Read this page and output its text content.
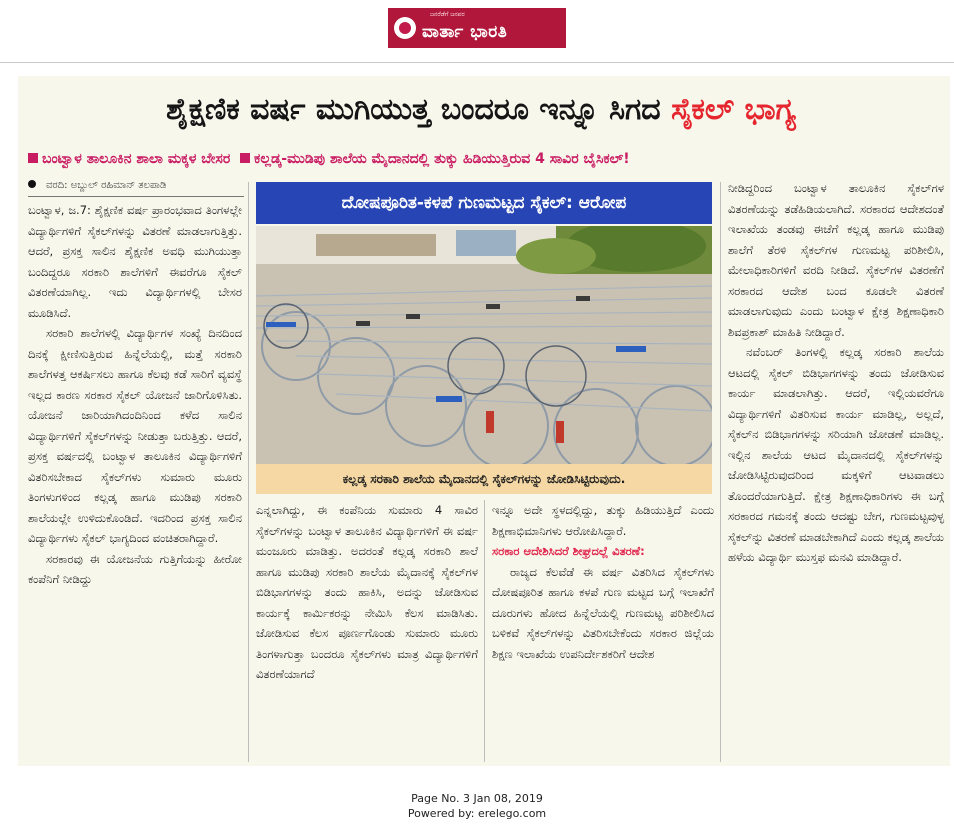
ಜನರೆಡೆಗೆ ಜನಪರ
ವಾರ್ತಾ ಭಾರತಿ
ಶೈಕ್ಷಣಿಕ ವರ್ಷ ಮುಗಿಯುತ್ತ ಬಂದರೂ ಇನ್ನೂ ಸಿಗದ ಸೈಕಲ್ ಭಾಗ್ಯ
ಬಂಟ್ವಾಳ ತಾಲೂಕಿನ ಶಾಲಾ ಮಕ್ಕಳ ಬೇಸರ ಕಲ್ಲಡ್ಕ-ಮುಡಿಪು ಶಾಲೆಯ ಮೈದಾನದಲ್ಲಿ ತುಕ್ಕು ಹಿಡಿಯುತ್ತಿರುವ 4 ಸಾವಿರ ಬೈಸಿಕಲ್!
ವರದಿ: ಅಬ್ದುಲ್ ರಹಿಮಾನ್ ತಲಪಾಡಿ

ಬಂಟ್ವಾಳ, ಜ.7: ಶೈಕ್ಷಣಿಕ ವರ್ಷ ಪ್ರಾರಂಭವಾದ ತಿಂಗಳಲ್ಲೇ ವಿದ್ಯಾರ್ಥಿಗಳಿಗೆ ಸೈಕಲ್‌ಗಳನ್ನು ವಿತರಣೆ ಮಾಡಲಾಗುತ್ತಿತ್ತು. ಆದರೆ, ಪ್ರಸಕ್ತ ಸಾಲಿನ ಶೈಕ್ಷಣಿಕ ಅವಧಿ ಮುಗಿಯುತ್ತಾ ಬಂದಿದ್ದರೂ ಸರಕಾರಿ ಶಾಲೆಗಳಿಗೆ ಈವರೆಗೂ ಸೈಕಲ್ ವಿತರಣೆಯಾಗಿಲ್ಲ. ಇದು ವಿದ್ಯಾರ್ಥಿಗಳಲ್ಲಿ ಬೇಸರ ಮೂಡಿಸಿದೆ.

ಸರಕಾರಿ ಶಾಲೆಗಳಲ್ಲಿ ವಿದ್ಯಾರ್ಥಿಗಳ ಸಂಖ್ಯೆ ದಿನದಿಂದ ದಿನಕ್ಕೆ ಕ್ಷೀಣಿಸುತ್ತಿರುವ ಹಿನ್ನೆಲೆಯಲ್ಲಿ, ಮತ್ತೆ ಸರಕಾರಿ ಶಾಲೆಗಳತ್ತ ಆಕರ್ಷಿಸಲು ಹಾಗೂ ಕೆಲವು ಕಡೆ ಸಾರಿಗೆ ವ್ಯವಸ್ಥೆ ಇಲ್ಲದ ಕಾರಣ ಸರಕಾರ ಸೈಕಲ್ ಯೋಜನೆ ಜಾರಿಗೊಳಿಸಿತು. ಯೋಜನೆ ಜಾರಿಯಾಗಿದಂದಿನಿಂದ ಕಳೆದ ಸಾಲಿನ ವಿದ್ಯಾರ್ಥಿಗಳಿಗೆ ಸೈಕಲ್‌ಗಳನ್ನು ನೀಡುತ್ತಾ ಬರುತ್ತಿತ್ತು. ಆದರೆ, ಪ್ರಸಕ್ತ ವರ್ಷದಲ್ಲಿ ಬಂಟ್ವಾಳ ತಾಲೂಕಿನ ವಿದ್ಯಾರ್ಥಿಗಳಿಗೆ ವಿತರಿಸಬೇಕಾದ ಸೈಕಲ್‌ಗಳು ಸುಮಾರು ಮೂರು ತಿಂಗಳುಗಳಿಂದ ಕಲ್ಲಡ್ಕ ಹಾಗೂ ಮುಡಿಪು ಸರಕಾರಿ ಶಾಲೆಯಲ್ಲೇ ಉಳಿದುಕೊಂಡಿದೆ. ಇದರಿಂದ ಪ್ರಸಕ್ತ ಸಾಲಿನ ವಿದ್ಯಾರ್ಥಿಗಳು ಸೈಕಲ್ ಭಾಗ್ಯದಿಂದ ವಂಚಿತರಾಗಿದ್ದಾರೆ.

ಸರಕಾರವು ಈ ಯೋಜನೆಯ ಗುತ್ತಿಗೆಯನ್ನು ಹೀರೋ ಕಂಪೆನಿಗೆ ನೀಡಿದ್ದು

ದೋಷಪೂರಿತ-ಕಳಪೆ ಗುಣಮಟ್ಟದ ಸೈಕಲ್: ಆರೋಪ
ಕಲ್ಲಡ್ಕ ಸರಕಾರಿ ಶಾಲೆಯ ಮೈದಾನದಲ್ಲಿ ಸೈಕಲ್‌ಗಳನ್ನು ಜೋಡಿಸಿಟ್ಟಿರುವುದು.

ಎನ್ನಲಾಗಿದ್ದು, ಈ ಕಂಪೆನಿಯ ಸುಮಾರು 4 ಸಾವಿರ ಸೈಕಲ್‌ಗಳನ್ನು ಬಂಟ್ವಾಳ ತಾಲೂಕಿನ ವಿದ್ಯಾರ್ಥಿಗಳಿಗೆ ಈ ವರ್ಷ ಮಂಜೂರು ಮಾಡಿತ್ತು. ಅದರಂತೆ ಕಲ್ಲಡ್ಕ ಸರಕಾರಿ ಶಾಲೆ ಹಾಗೂ ಮುಡಿಪು ಸರಕಾರಿ ಶಾಲೆಯ ಮೈದಾನಕ್ಕೆ ಸೈಕಲ್‌ಗಳ ಬಿಡಿಭಾಗಗಳನ್ನು ತಂದು ಹಾಕಿಸಿ, ಅದನ್ನು ಜೋಡಿಸುವ ಕಾರ್ಯಕ್ಕೆ ಕಾರ್ಮಿಕರನ್ನು ನೇಮಿಸಿ ಕೆಲಸ ಮಾಡಿಸಿತು. ಜೋಡಿಸುವ ಕೆಲಸ ಪೂರ್ಣಗೊಂಡು ಸುಮಾರು ಮೂರು ತಿಂಗಳಾಗುತ್ತಾ ಬಂದರೂ ಸೈಕಲ್‌ಗಳು ಮಾತ್ರ ವಿದ್ಯಾರ್ಥಿಗಳಿಗೆ ವಿತರಣೆಯಾಗದೆ

ಇನ್ನೂ ಅದೇ ಸ್ಥಳದಲ್ಲಿದ್ದು, ತುಕ್ಕು ಹಿಡಿಯುತ್ತಿದೆ ಎಂದು ಶಿಕ್ಷಣಾಭಿಮಾನಿಗಳು ಆರೋಪಿಸಿದ್ದಾರೆ.

ಸರಕಾರ ಆದೇಶಿಸಿದರೆ ಶೀಘ್ರದಲ್ಲೆ ವಿತರಣೆ:

ರಾಜ್ಯದ ಕೆಲವೆಡೆ ಈ ವರ್ಷ ವಿತರಿಸಿದ ಸೈಕಲ್‌ಗಳು ದೋಷಪೂರಿತ ಹಾಗೂ ಕಳಪೆ ಗುಣ ಮಟ್ಟದ ಬಗ್ಗೆ ಇಲಾಖೆಗೆ ದೂರುಗಳು ಹೋದ ಹಿನ್ನೆಲೆಯಲ್ಲಿ ಗುಣಮಟ್ಟ ಪರಿಶೀಲಿಸಿದ ಬಳಿಕವೆ ಸೈಕಲ್‌ಗಳನ್ನು ವಿತರಿಸಬೇಕೆಂದು ಸರಕಾರ ಜಿಲ್ಲೆಯ ಶಿಕ್ಷಣ ಇಲಾಖೆಯ ಉಪನಿರ್ದೇಶಕರಿಗೆ ಆದೇಶ

ನೀಡಿದ್ದರಿಂದ ಬಂಟ್ವಾಳ ತಾಲೂಕಿನ ಸೈಕಲ್‌ಗಳ ವಿತರಣೆಯನ್ನು ತಡೆಹಿಡಿಯಲಾಗಿದೆ. ಸರಕಾರದ ಆದೇಶದಂತೆ ಇಲಾಖೆಯ ತಂಡವು ಈಚೆಗೆ ಕಲ್ಲಡ್ಕ ಹಾಗೂ ಮುಡಿಪು ಶಾಲೆಗೆ ತೆರಳಿ ಸೈಕಲ್‌ಗಳ ಗುಣಮಟ್ಟ ಪರಿಶೀಲಿಸಿ, ಮೇಲಾಧಿಕಾರಿಗಳಿಗೆ ವರದಿ ನೀಡಿದೆ. ಸೈಕಲ್‌ಗಳ ವಿತರಣೆಗೆ ಸರಕಾರದ ಆದೇಶ ಬಂದ ಕೂಡಲೇ ವಿತರಣೆ ಮಾಡಲಾಗುವುದು ಎಂದು ಬಂಟ್ವಾಳ ಕ್ಷೇತ್ರ ಶಿಕ್ಷಣಾಧಿಕಾರಿ ಶಿವಪ್ರಕಾಶ್ ಮಾಹಿತಿ ನೀಡಿದ್ದಾರೆ.

ನವೆಂಬರ್ ತಿಂಗಳಲ್ಲಿ ಕಲ್ಲಡ್ಕ ಸರಕಾರಿ ಶಾಲೆಯ ಆಟದಲ್ಲಿ ಸೈಕಲ್ ಬಿಡಿಭಾಗಗಳನ್ನು ತಂದು ಜೋಡಿಸುವ ಕಾರ್ಯ ಮಾಡಲಾಗಿತ್ತು. ಆದರೆ, ಇಲ್ಲಿಯವರೆಗೂ ವಿದ್ಯಾರ್ಥಿಗಳಿಗೆ ವಿತರಿಸುವ ಕಾರ್ಯ ಮಾಡಿಲ್ಲ, ಅಲ್ಲದೆ, ಸೈಕಲ್‌ನ ಬಿಡಿಭಾಗಗಳನ್ನು ಸರಿಯಾಗಿ ಜೋಡಣೆ ಮಾಡಿಲ್ಲ. ಇಲ್ಲಿನ ಶಾಲೆಯ ಆಟದ ಮೈದಾನದಲ್ಲಿ ಸೈಕಲ್‌ಗಳನ್ನು ಜೋಡಿಸಿಟ್ಟಿರುವುದರಿಂದ ಮಕ್ಕಳಿಗೆ ಆಟವಾಡಲು ತೊಂದರೆಯಾಗುತ್ತಿದೆ. ಕ್ಷೇತ್ರ ಶಿಕ್ಷಣಾಧಿಕಾರಿಗಳು ಈ ಬಗ್ಗೆ ಸರಕಾರದ ಗಮನಕ್ಕೆ ತಂದು ಆದಷ್ಟು ಬೇಗ, ಗುಣಮಟ್ಟವುಳ್ಳ ಸೈಕಲ್‌ನ್ನು ವಿತರಣೆ ಮಾಡಬೇಕಾಗಿದೆ ಎಂದು ಕಲ್ಲಡ್ಕ ಶಾಲೆಯ ಹಳೆಯ ವಿದ್ಯಾರ್ಥಿ ಮುಸ್ತಫ ಮನವಿ ಮಾಡಿದ್ದಾರೆ.

Page No. 3 Jan 08, 2019
Powered by: erelego.com
